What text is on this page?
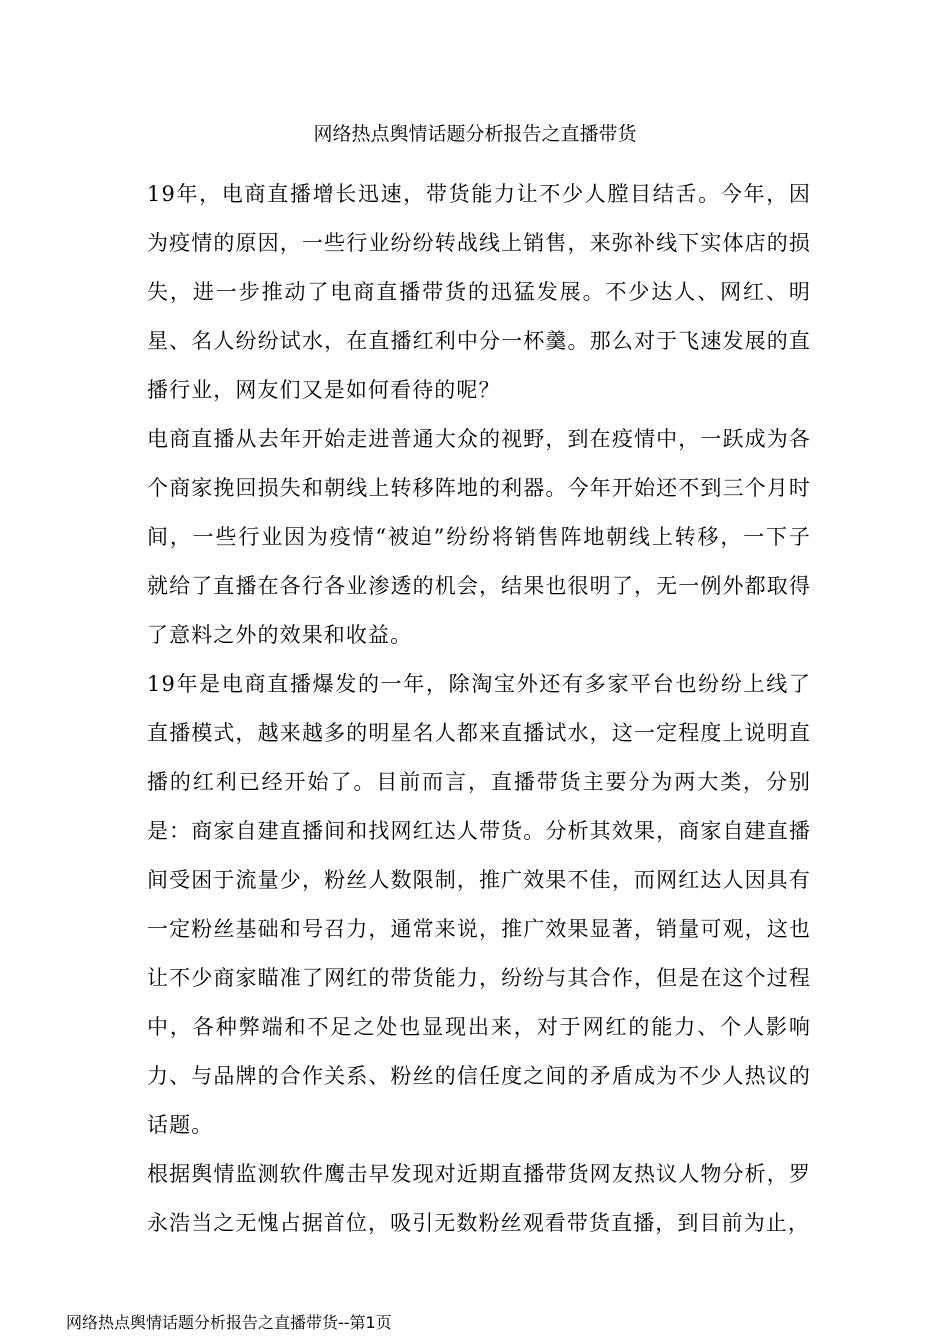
网络热点舆情话题分析报告之直播带货

19年，电商直播增长迅速，带货能力让不少人膛目结舌。今年，因为疫情的原因，一些行业纷纷转战线上销售，来弥补线下实体店的损失，进一步推动了电商直播带货的迅猛发展。不少达人、网红、明星、名人纷纷试水，在直播红利中分一杯羹。那么对于飞速发展的直播行业，网友们又是如何看待的呢？

电商直播从去年开始走进普通大众的视野，到在疫情中，一跃成为各个商家挽回损失和朝线上转移阵地的利器。今年开始还不到三个月时间，一些行业因为疫情“被迫”纷纷将销售阵地朝线上转移，一下子就给了直播在各行各业渗透的机会，结果也很明了，无一例外都取得了意料之外的效果和收益。

19年是电商直播爆发的一年，除淘宝外还有多家平台也纷纷上线了直播模式，越来越多的明星名人都来直播试水，这一定程度上说明直播的红利已经开始了。目前而言，直播带货主要分为两大类，分别是：商家自建直播间和找网红达人带货。分析其效果，商家自建直播间受困于流量少，粉丝人数限制，推广效果不佳，而网红达人因具有一定粉丝基础和号召力，通常来说，推广效果显著，销量可观，这也让不少商家瞄准了网红的带货能力，纷纷与其合作，但是在这个过程中，各种弊端和不足之处也显现出来，对于网红的能力、个人影响力、与品牌的合作关系、粉丝的信任度之间的矛盾成为不少人热议的话题。

根据舆情监测软件鹰击早发现对近期直播带货网友热议人物分析，罗永浩当之无愧占据首位，吸引无数粉丝观看带货直播，到目前为止，

网络热点舆情话题分析报告之直播带货--第1页
